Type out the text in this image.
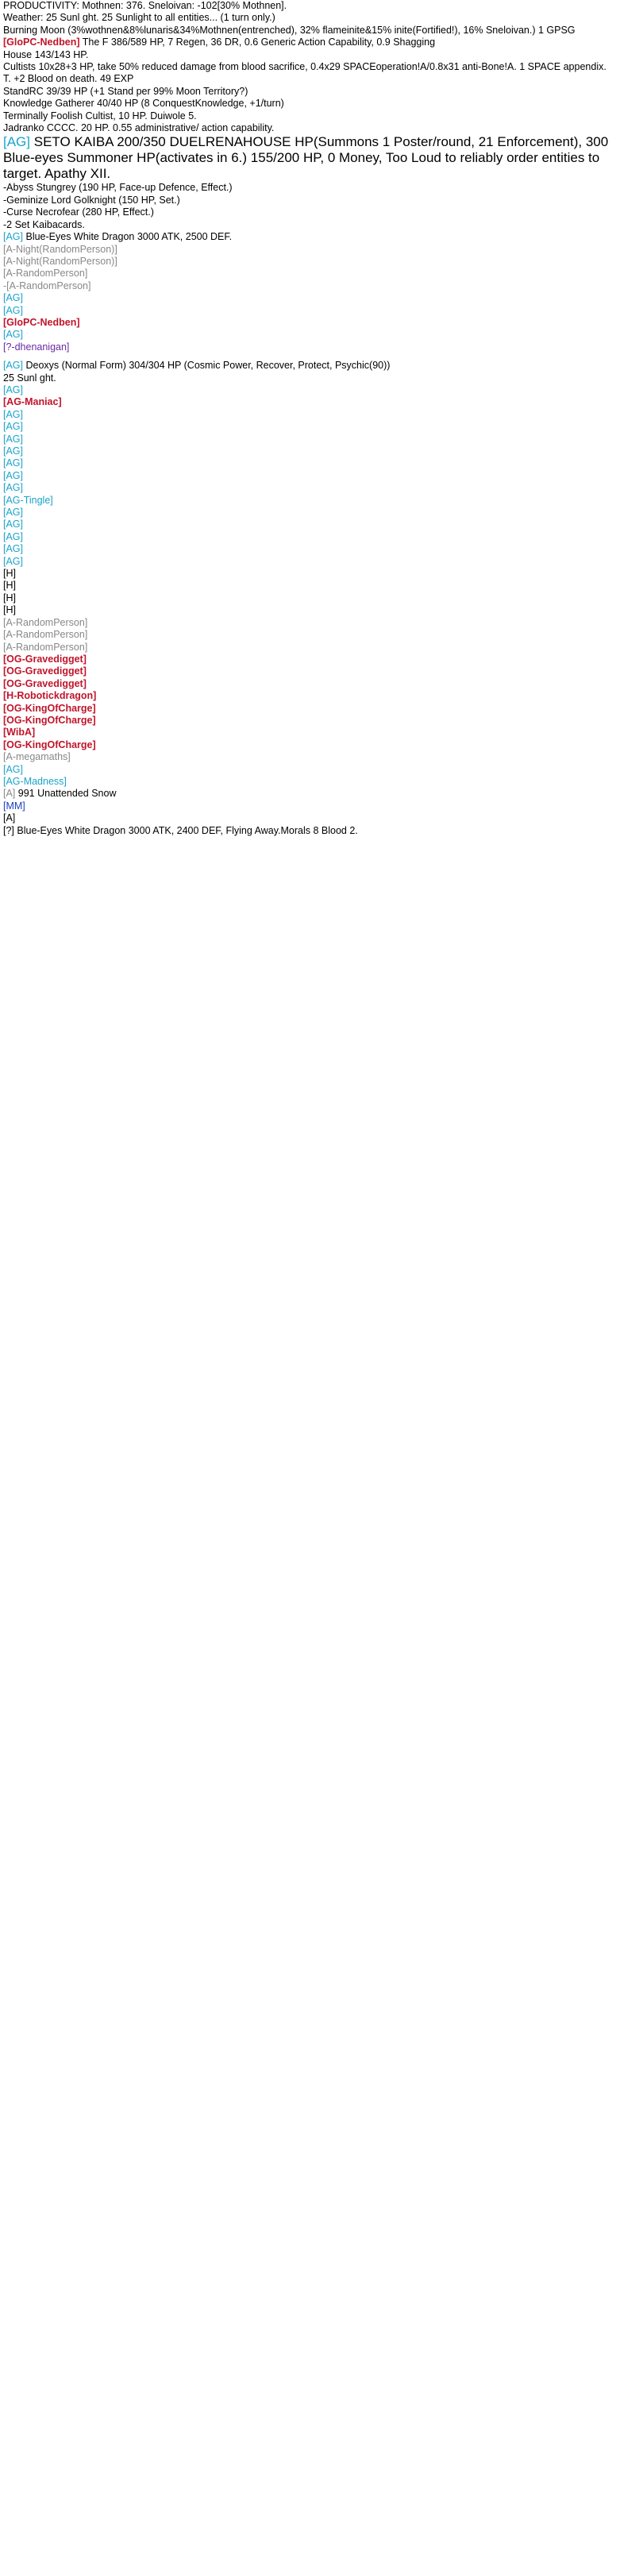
PRODUCTIVITY: Mothnen: 376. Sneloivan: -102[30% Mothnen].

Weather: 25 Sunl ght. 25 Sunlight to all entities... (1 turn only.)

Burning Moon (3%wothnen&8%lunaris&34%Mothnen(entrenched), 32% flameinite&15% inite(Fortified!), 16% Sneloivan.) 1 GPSG

[GloPC-Nedben] The F 386/589 HP, 7 Regen, 36 DR, 0.6 Generic Action Capability, 0.9 Shagging

House 143/143 HP.

Cultists 10x28+3 HP, take 50% reduced damage from blood sacrifice, 0.4x29 SPACEoperation!A/0.8x31 anti-Bone!A. 1 SPACE appendix. T. +2 Blood on death. 49 EXP

StandRC 39/39 HP (+1 Stand per 99% Moon Territory?)

Knowledge Gatherer 40/40 HP (8 ConquestKnowledge, +1/turn)

Terminally Foolish Cultist, 10 HP. Duiwole 5.

Jadranko CCCC. 20 HP. 0.55 administrative/ action capability.

[AG] SETO KAIBA 200/350 DUELRENAHOUSE HP(Summons 1 Poster/round, 21 Enforcement), 300 Blue-eyes Summoner HP(activates in 6.) 155/200 HP, 0 Money, Too Loud to reliably order entities to target. Apathy XII.

-Abyss Stungrey (190 HP, Face-up Defence, Effect.)

-Geminize Lord Golknight (150 HP, Set.)

-Curse Necrofear (280 HP, Effect.)

-2 Set Kaibacards.

[AG] Blue-Eyes White Dragon 3000 ATK, 2500 DEF.

[A-Night(RandomPerson)]

[A-Night(RandomPerson)]

[A-RandomPerson]

-[A-RandomPerson]

[AG]

[AG]

[GloPC-Nedben]

[AG]

[?-dhenanigan]

[AG] Deoxys (Normal Form) 304/304 HP (Cosmic Power, Recover, Protect, Psychic(90))

25 Sunl ght.

[AG]

[AG-Maniac]

[AG]

[AG]

[AG]

[AG]

[AG]

[AG]

[AG]

[AG-Tingle]

[AG]

[AG]

[AG]

[AG]

[AG]

[H]

[H]

[H]

[H]

[A-RandomPerson]

[A-RandomPerson]

[A-RandomPerson]

[OG-Gravedigget]

[OG-Gravedigget]

[OG-Gravedigget]

[H-Robotickdragon]

[OG-KingOfCharge]

[OG-KingOfCharge]

[WibA]

[OG-KingOfCharge]

[A-megamaths]

[AG]

[AG-Madness]

[A] 991 Unattended Snow

[MM]

[A]

[?] Blue-Eyes White Dragon 3000 ATK, 2400 DEF, Flying Away.Morals 8 Blood 2.
